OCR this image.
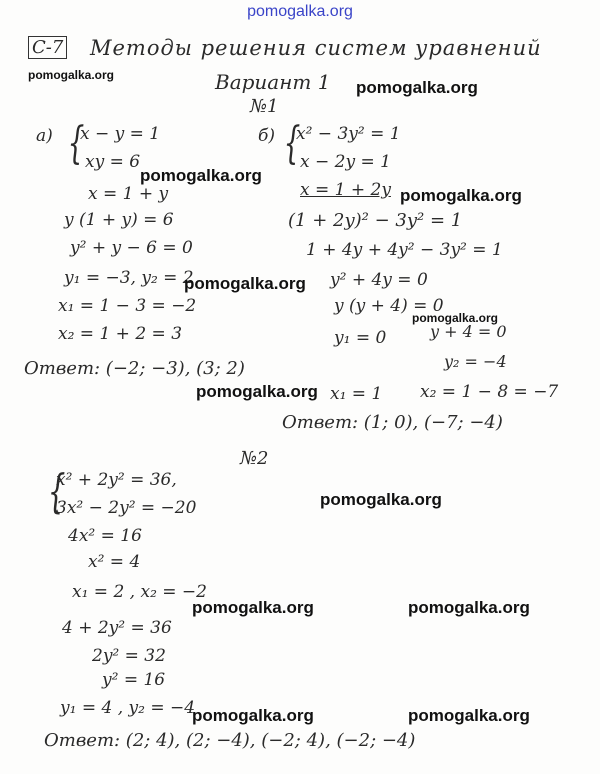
pomogalka.org
С-7 Методы решения систем уравнений
Вариант 1
№1
а) {
x − y = 1
xy = 6
x = 1 + y
y (1 + y) = 6
y² + y − 6 = 0
y₁ = −3, y₂ = 2
x₁ = 1 − 3 = −2
x₂ = 1 + 2 = 3
Ответ: (−2; −3), (3; 2)
б) {
x² − 3y² = 1
x − 2y = 1
x = 1 + 2y
(1 + 2y)² − 3y² = 1
1 + 4y + 4y² − 3y² = 1
y² + 4y = 0
y (y + 4) = 0
y₁ = 0	y + 4 = 0
y₂ = −4
x₁ = 1 x₂ = 1 − 8 = −7
Ответ: (1; 0), (−7; −4)
№2
{
x² + 2y² = 36,
3x² − 2y² = −20
4x² = 16
x² = 4
x₁ = 2 , x₂ = −2
4 + 2y² = 36
2y² = 32
y² = 16
y₁ = 4 , y₂ = −4
Ответ: (2; 4), (2; −4), (−2; 4), (−2; −4)
pomogalka.org
pomogalka.org
pomogalka.org
pomogalka.org
pomogalka.org
pomogalka.org
pomogalka.org
pomogalka.org
pomogalka.org	pomogalka.org
pomogalka.org	pomogalka.org
